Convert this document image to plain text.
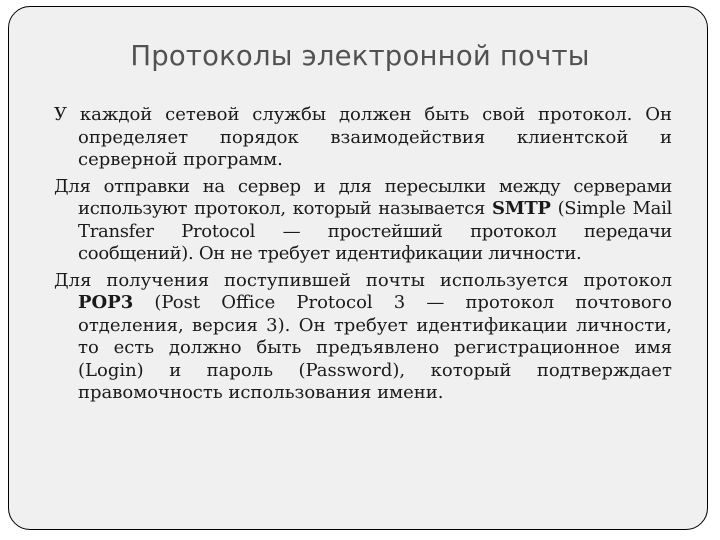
Протоколы электронной почты

У каждой сетевой службы должен быть свой протокол. Он определяет порядок взаимодействия клиентской и серверной программ.

Для отправки на сервер и для пересылки между серверами используют протокол, который называется SMTP (Simple Mail Transfer Protocol — простейший протокол передачи сообщений). Он не требует идентификации личности.

Для получения поступившей почты используется протокол POP3 (Post Office Protocol 3 — протокол почтового отделения, версия 3). Он требует идентификации личности, то есть должно быть предъявлено регистрационное имя (Login) и пароль (Password), который подтверждает правомочность использования имени.
